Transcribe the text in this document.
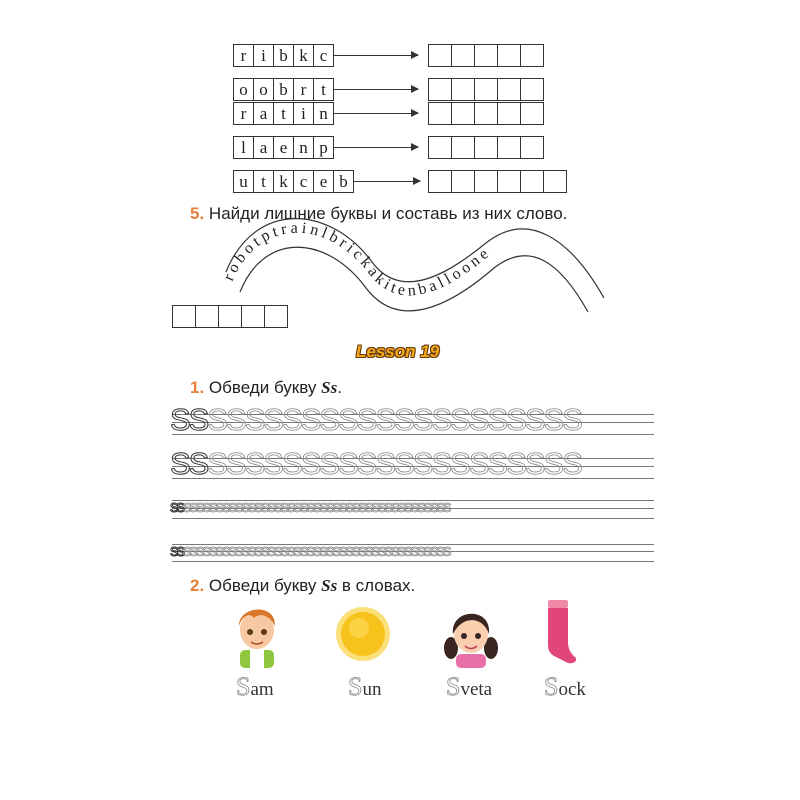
r i b k c
o o b r t
r a t i n
l a e n p
u t k c e b
5. Найди лишние буквы и составь из них слово.
robotptrainlbrickakitenballoone
Lesson 19
1. Обведи букву Ss.
SSSSSSSSSSSSSSSSSSSSSS
SSSSSSSSSSSSSSSSSSSSSS
sssssssssssssssssssssssssssssssssssssssssss
sssssssssssssssssssssssssssssssssssssssssss
2. Обведи букву Ss в словах.
Sam	Sun Sveta Sock
